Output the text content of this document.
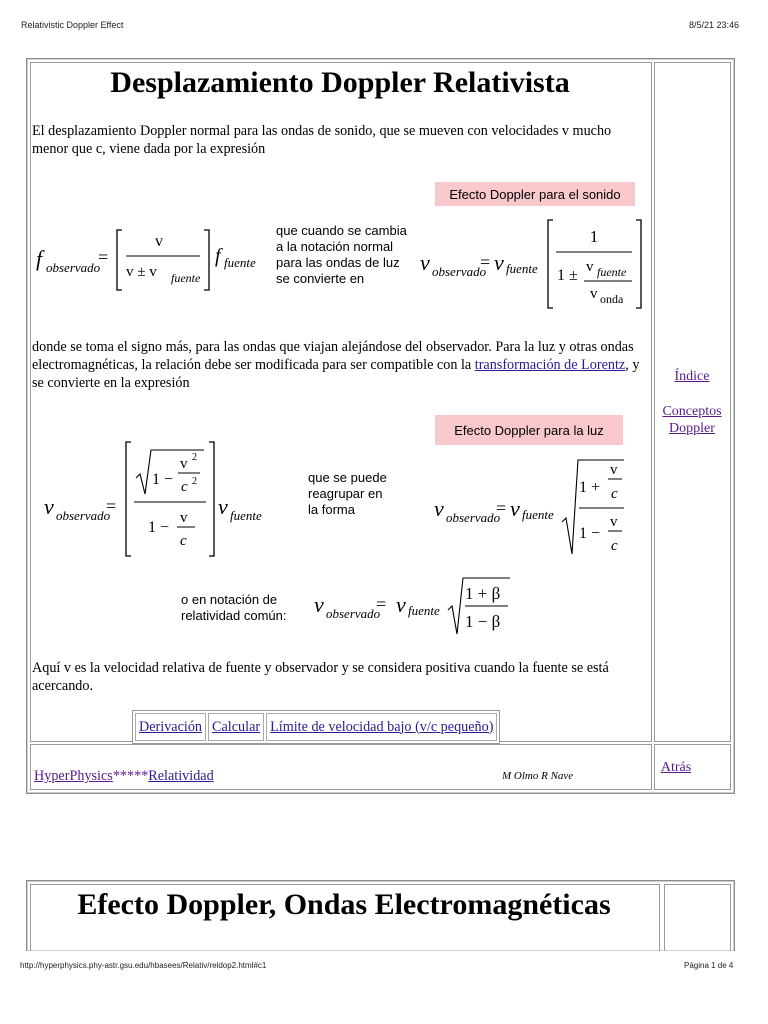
Relativistic Doppler Effect	8/5/21 23:46
http://hyperphysics.phy-astr.gsu.edu/hbasees/Relativ/reldop2.html#c1	Página 1 de 4
Desplazamiento Doppler Relativista
El desplazamiento Doppler normal para las ondas de sonido, que se mueven con velocidades v mucho menor que c, viene dada por la expresión
Efecto Doppler para el sonido
f observado
=
v
v ± v fuente
f fuente
que cuando se cambia
a la notación normal
para las ondas de luz
se convierte en
ν observado
= ν fuente
1
1 ± v fuente
v onda
donde se toma el signo más, para las ondas que viajan alejándose del observador. Para la luz y otras ondas electromagnéticas, la relación debe ser modificada para ser compatible con la transformación de Lorentz, y se convierte en la expresión
Efecto Doppler para la luz
ν observado
=
1 −
v 2
c 2
1 −
v
c
ν fuente
que se puede
reagrupar en
la forma	ν observado
= ν fuente
1 +
v
c
1 −
v
c
o en notación de
relatividad común: ν observado
= ν fuente
1 + β
1 − β
Aquí v es la velocidad relativa de fuente y observador y se considera positiva cuando la fuente se está acercando.
Derivación Calcular Límite de velocidad bajo (v/c pequeño)
Índice
Conceptos Doppler
HyperPhysics*****Relatividad	M Olmo R Nave
Atrás
Efecto Doppler, Ondas Electromagnéticas
